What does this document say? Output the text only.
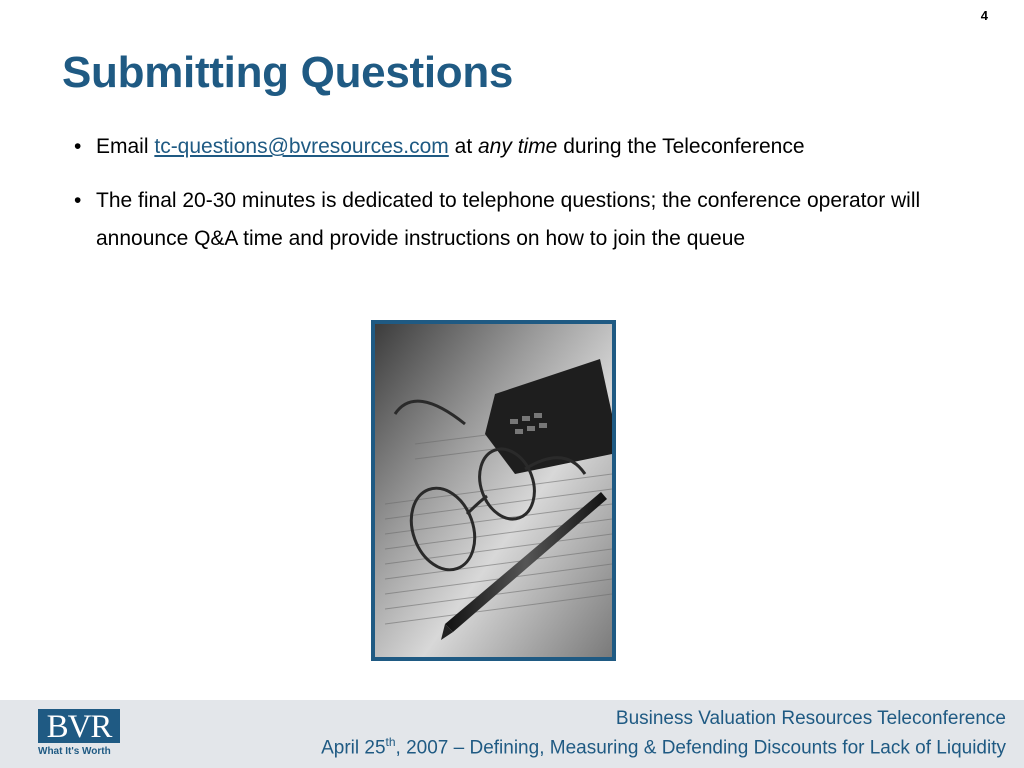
4
Submitting Questions
• Email tc-questions@bvresources.com at any time during the Teleconference
• The final 20-30 minutes is dedicated to telephone questions; the conference operator will announce Q&A time and provide instructions on how to join the queue
BVR
What It's Worth
Business Valuation Resources Teleconference
April 25th, 2007 – Defining, Measuring & Defending Discounts for Lack of Liquidity
